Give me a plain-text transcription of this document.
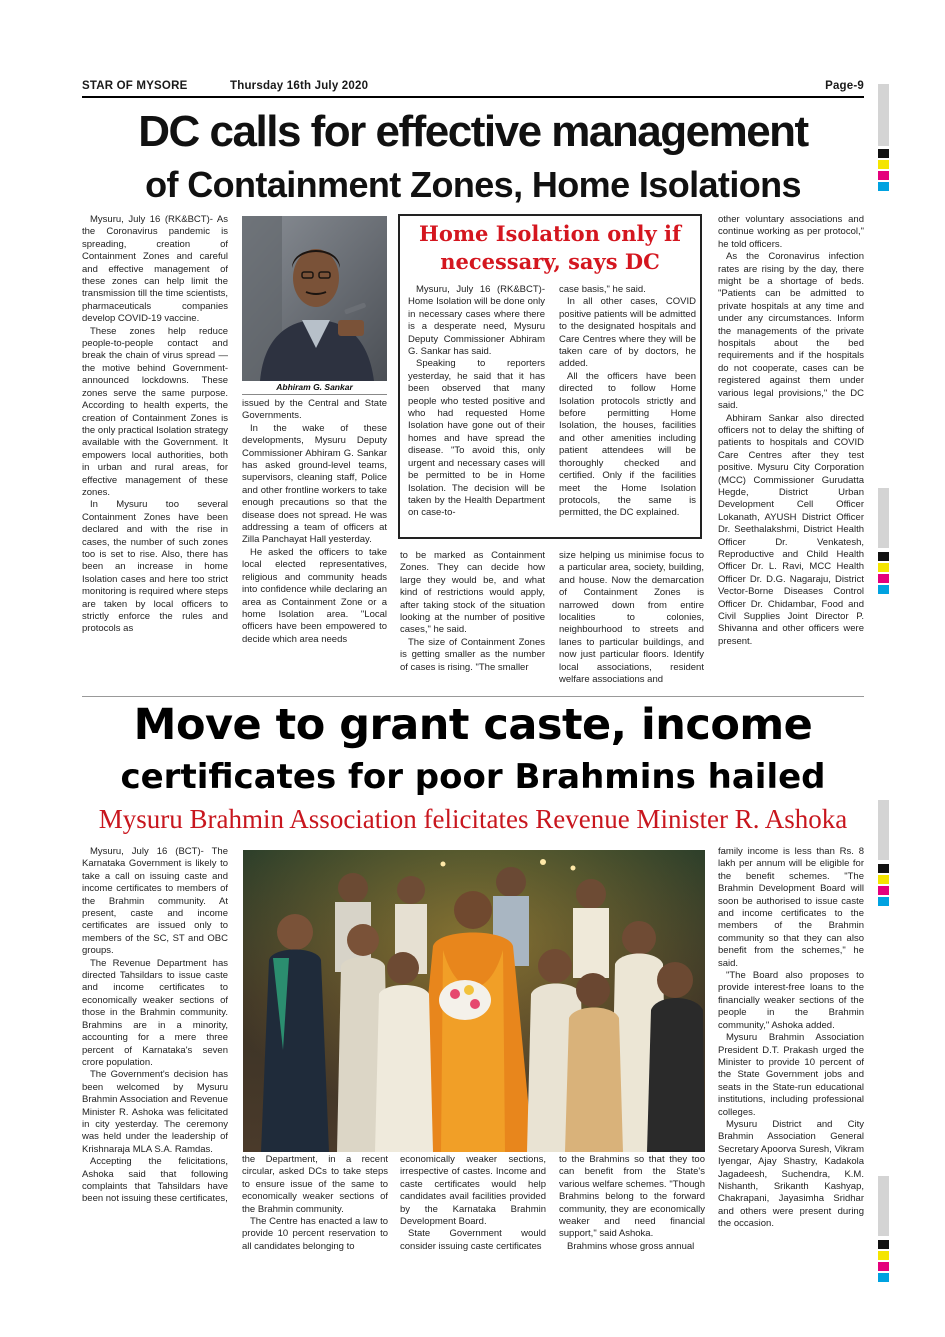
STAR OF MYSORE	Thursday 16th July 2020	Page-9
DC calls for effective management
of Containment Zones, Home Isolations

Mysuru, July 16 (RK&BCT)- As the Coronavirus pandemic is spreading, creation of Containment Zones and careful and effective management of these zones can help limit the transmission till the time scientists, pharmaceuticals companies develop COVID-19 vaccine.

These zones help reduce people-to-people contact and break the chain of virus spread — the motive behind Government-announced lockdowns. These zones serve the same purpose. According to health experts, the creation of Containment Zones is the only practical Isolation strategy available with the Government. It empowers local authorities, both in urban and rural areas, for effective management of these zones.

In Mysuru too several Containment Zones have been declared and with the rise in cases, the number of such zones too is set to rise. Also, there has been an increase in home Isolation cases and here too strict monitoring is required where steps are taken by local officers to strictly enforce the rules and protocols as

Abhiram G. Sankar

issued by the Central and State Governments.

In the wake of these developments, Mysuru Deputy Commissioner Abhiram G. Sankar has asked ground-level teams, supervisors, cleaning staff, Police and other frontline workers to take enough precautions so that the disease does not spread. He was addressing a team of officers at Zilla Panchayat Hall yesterday.

He asked the officers to take local elected representatives, religious and community heads into confidence while declaring an area as Containment Zone or a home Isolation area. "Local officers have been empowered to decide which area needs

Home Isolation only if
necessary, says DC

Mysuru, July 16 (RK&BCT)- Home Isolation will be done only in necessary cases where there is a desperate need, Mysuru Deputy Commissioner Abhiram G. Sankar has said.

Speaking to reporters yesterday, he said that it has been observed that many people who tested positive and who had requested Home Isolation have gone out of their homes and have spread the disease. "To avoid this, only urgent and necessary cases will be permitted to be in Home Isolation. The decision will be taken by the Health Department on case-to-

case basis," he said.

In all other cases, COVID positive patients will be admitted to the designated hospitals and Care Centres where they will be taken care of by doctors, he added.

All the officers have been directed to follow Home Isolation protocols strictly and before permitting Home Isolation, the houses, facilities and other amenities including patient attendees will be thoroughly checked and certified. Only if the facilities meet the Home Isolation protocols, the same is permitted, the DC explained.

to be marked as Containment Zones. They can decide how large they would be, and what kind of restrictions would apply, after taking stock of the situation looking at the number of positive cases," he said.

The size of Containment Zones is getting smaller as the number of cases is rising. "The smaller

size helping us minimise focus to a particular area, society, building, and house. Now the demarcation of Containment Zones is narrowed down from entire localities to colonies, neighbourhood to streets and lanes to particular buildings, and now just particular floors. Identify local associations, resident welfare associations and

other voluntary associations and continue working as per protocol," he told officers.

As the Coronavirus infection rates are rising by the day, there might be a shortage of beds. "Patients can be admitted to private hospitals at any time and under any circumstances. Inform the managements of the private hospitals about the bed requirements and if the hospitals do not cooperate, cases can be registered against them under various legal provisions," the DC said.

Abhiram Sankar also directed officers not to delay the shifting of patients to hospitals and COVID Care Centres after they test positive. Mysuru City Corporation (MCC) Commissioner Gurudatta Hegde, District Urban Development Cell Officer Lokanath, AYUSH District Officer Dr. Seethalakshmi, District Health Officer Dr. Venkatesh, Reproductive and Child Health Officer Dr. L. Ravi, MCC Health Officer Dr. D.G. Nagaraju, District Vector-Borne Diseases Control Officer Dr. Chidambar, Food and Civil Supplies Joint Director P. Shivanna and other officers were present.

Move to grant caste, income
certificates for poor Brahmins hailed
Mysuru Brahmin Association felicitates Revenue Minister R. Ashoka

Mysuru, July 16 (BCT)- The Karnataka Government is likely to take a call on issuing caste and income certificates to members of the Brahmin community. At present, caste and income certificates are issued only to members of the SC, ST and OBC groups.

The Revenue Department has directed Tahsildars to issue caste and income certificates to economically weaker sections of those in the Brahmin community. Brahmins are in a minority, accounting for a mere three percent of Karnataka's seven crore population.

The Government's decision has been welcomed by Mysuru Brahmin Association and Revenue Minister R. Ashoka was felicitated in city yesterday. The ceremony was held under the leadership of Krishnaraja MLA S.A. Ramdas.

Accepting the felicitations, Ashoka said that following complaints that Tahsildars have been not issuing these certificates,

the Department, in a recent circular, asked DCs to take steps to ensure issue of the same to economically weaker sections of the Brahmin community.

The Centre has enacted a law to provide 10 percent reservation to all candidates belonging to

economically weaker sections, irrespective of castes. Income and caste certificates would help candidates avail facilities provided by the Karnataka Brahmin Development Board.

State Government would consider issuing caste certificates

to the Brahmins so that they too can benefit from the State's various welfare schemes. "Though Brahmins belong to the forward community, they are economically weaker and need financial support," said Ashoka.

Brahmins whose gross annual

family income is less than Rs. 8 lakh per annum will be eligible for the benefit schemes. "The Brahmin Development Board will soon be authorised to issue caste and income certificates to the members of the Brahmin community so that they can also benefit from the schemes," he said.

"The Board also proposes to provide interest-free loans to the financially weaker sections of the people in the Brahmin community," Ashoka added.

Mysuru Brahmin Association President D.T. Prakash urged the Minister to provide 10 percent of the State Government jobs and seats in the State-run educational institutions, including professional colleges.

Mysuru District and City Brahmin Association General Secretary Apoorva Suresh, Vikram Iyengar, Ajay Shastry, Kadakola Jagadeesh, Suchendra, K.M. Nishanth, Srikanth Kashyap, Chakrapani, Jayasimha Sridhar and others were present during the occasion.
